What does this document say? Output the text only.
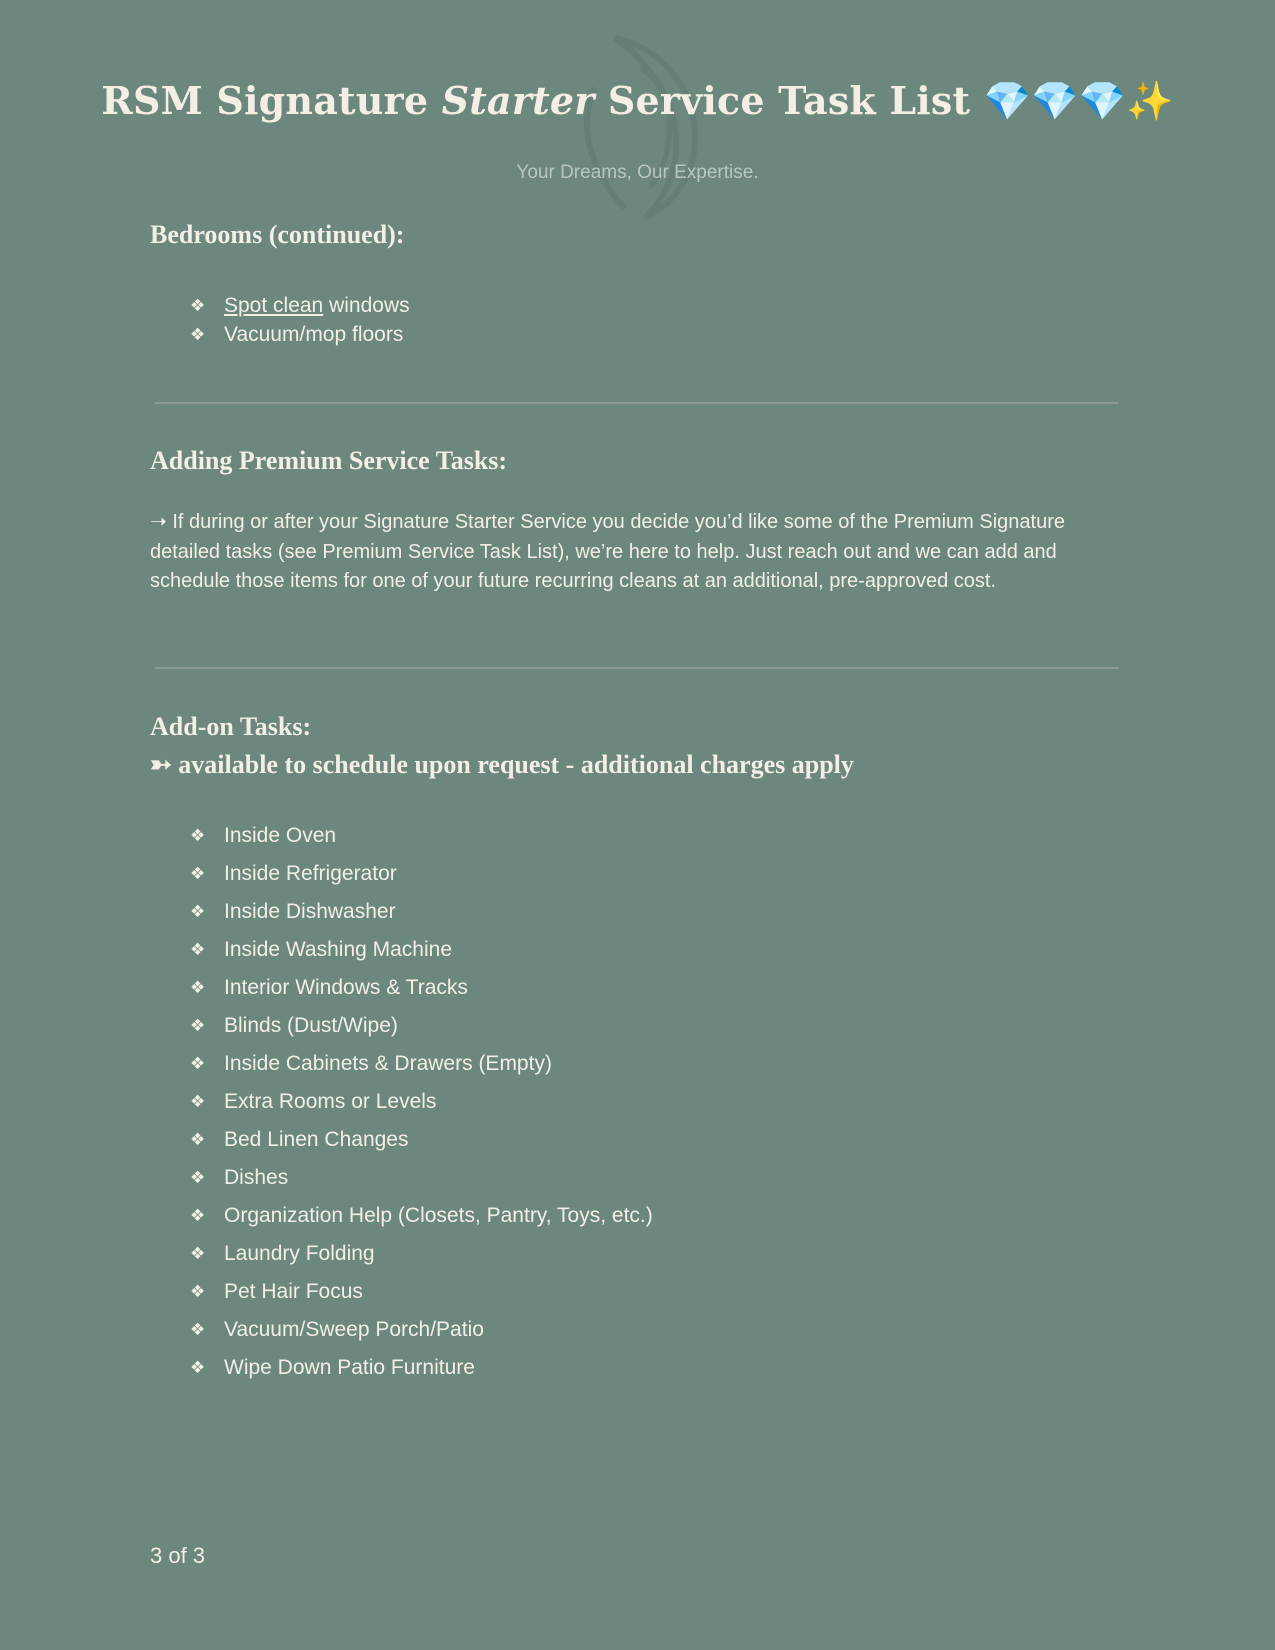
RSM Signature Starter Service Task List 💎💎💎✨
Your Dreams, Our Expertise.
Bedrooms (continued):
❖ Spot clean windows
❖ Vacuum/mop floors
Adding Premium Service Tasks:
➝ If during or after your Signature Starter Service you decide you’d like some of the Premium Signature detailed tasks (see Premium Service Task List), we’re here to help. Just reach out and we can add and schedule those items for one of your future recurring cleans at an additional, pre-approved cost.
Add-on Tasks:
➳ available to schedule upon request - additional charges apply
❖ Inside Oven
❖ Inside Refrigerator
❖ Inside Dishwasher
❖ Inside Washing Machine
❖ Interior Windows & Tracks
❖ Blinds (Dust/Wipe)
❖ Inside Cabinets & Drawers (Empty)
❖ Extra Rooms or Levels
❖ Bed Linen Changes
❖ Dishes
❖ Organization Help (Closets, Pantry, Toys, etc.)
❖ Laundry Folding
❖ Pet Hair Focus
❖ Vacuum/Sweep Porch/Patio
❖ Wipe Down Patio Furniture
3 of 3
